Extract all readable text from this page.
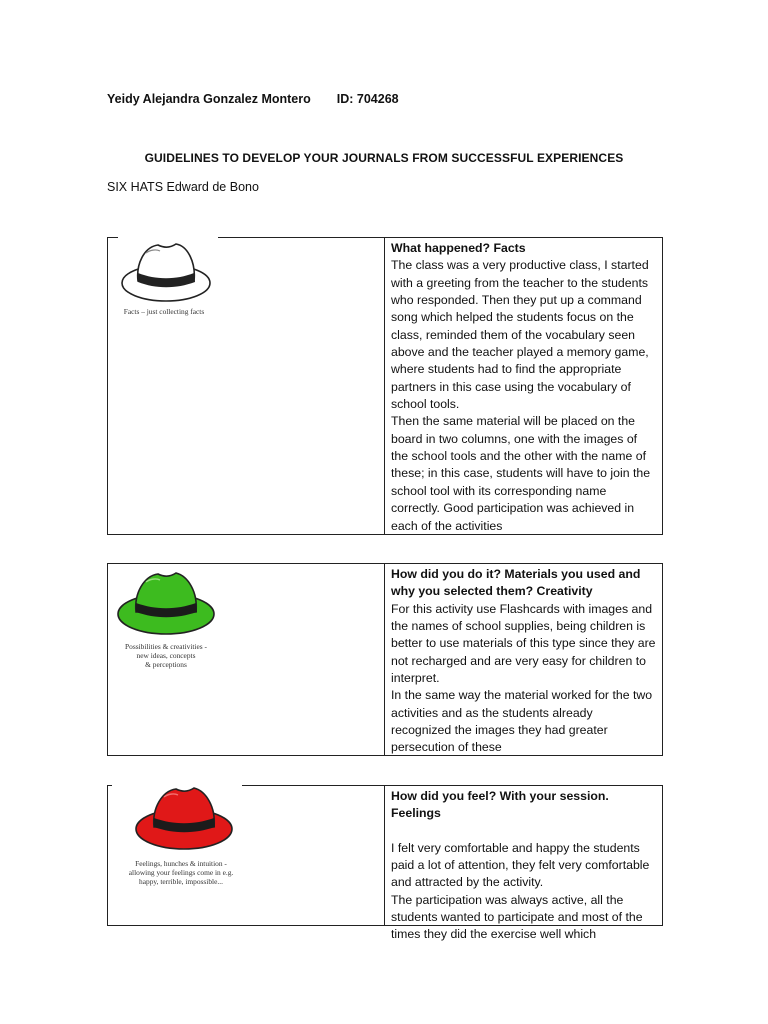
Yeidy Alejandra Gonzalez Montero ID: 704268
GUIDELINES TO DEVELOP YOUR JOURNALS FROM SUCCESSFUL EXPERIENCES
SIX HATS Edward de Bono
Facts – just collecting facts

What happened? Facts

The class was a very productive class, I started with a greeting from the teacher to the students who responded. Then they put up a command song which helped the students focus on the class, reminded them of the vocabulary seen above and the teacher played a memory game, where students had to find the appropriate partners in this case using the vocabulary of school tools.

Then the same material will be placed on the board in two columns, one with the images of the school tools and the other with the name of these; in this case, students will have to join the school tool with its corresponding name correctly. Good participation was achieved in each of the activities

Possibilities & creativities -
new ideas, concepts
& perceptions

How did you do it? Materials you used and why you selected them? Creativity

For this activity use Flashcards with images and the names of school supplies, being children is better to use materials of this type since they are not recharged and are very easy for children to interpret.

In the same way the material worked for the two activities and as the students already recognized the images they had greater persecution of these

Feelings, hunches & intuition -
allowing your feelings come in e.g.
happy, terrible, impossible...

How did you feel? With your session. Feelings

I felt very comfortable and happy the students paid a lot of attention, they felt very comfortable and attracted by the activity.

The participation was always active, all the students wanted to participate and most of the times they did the exercise well which
